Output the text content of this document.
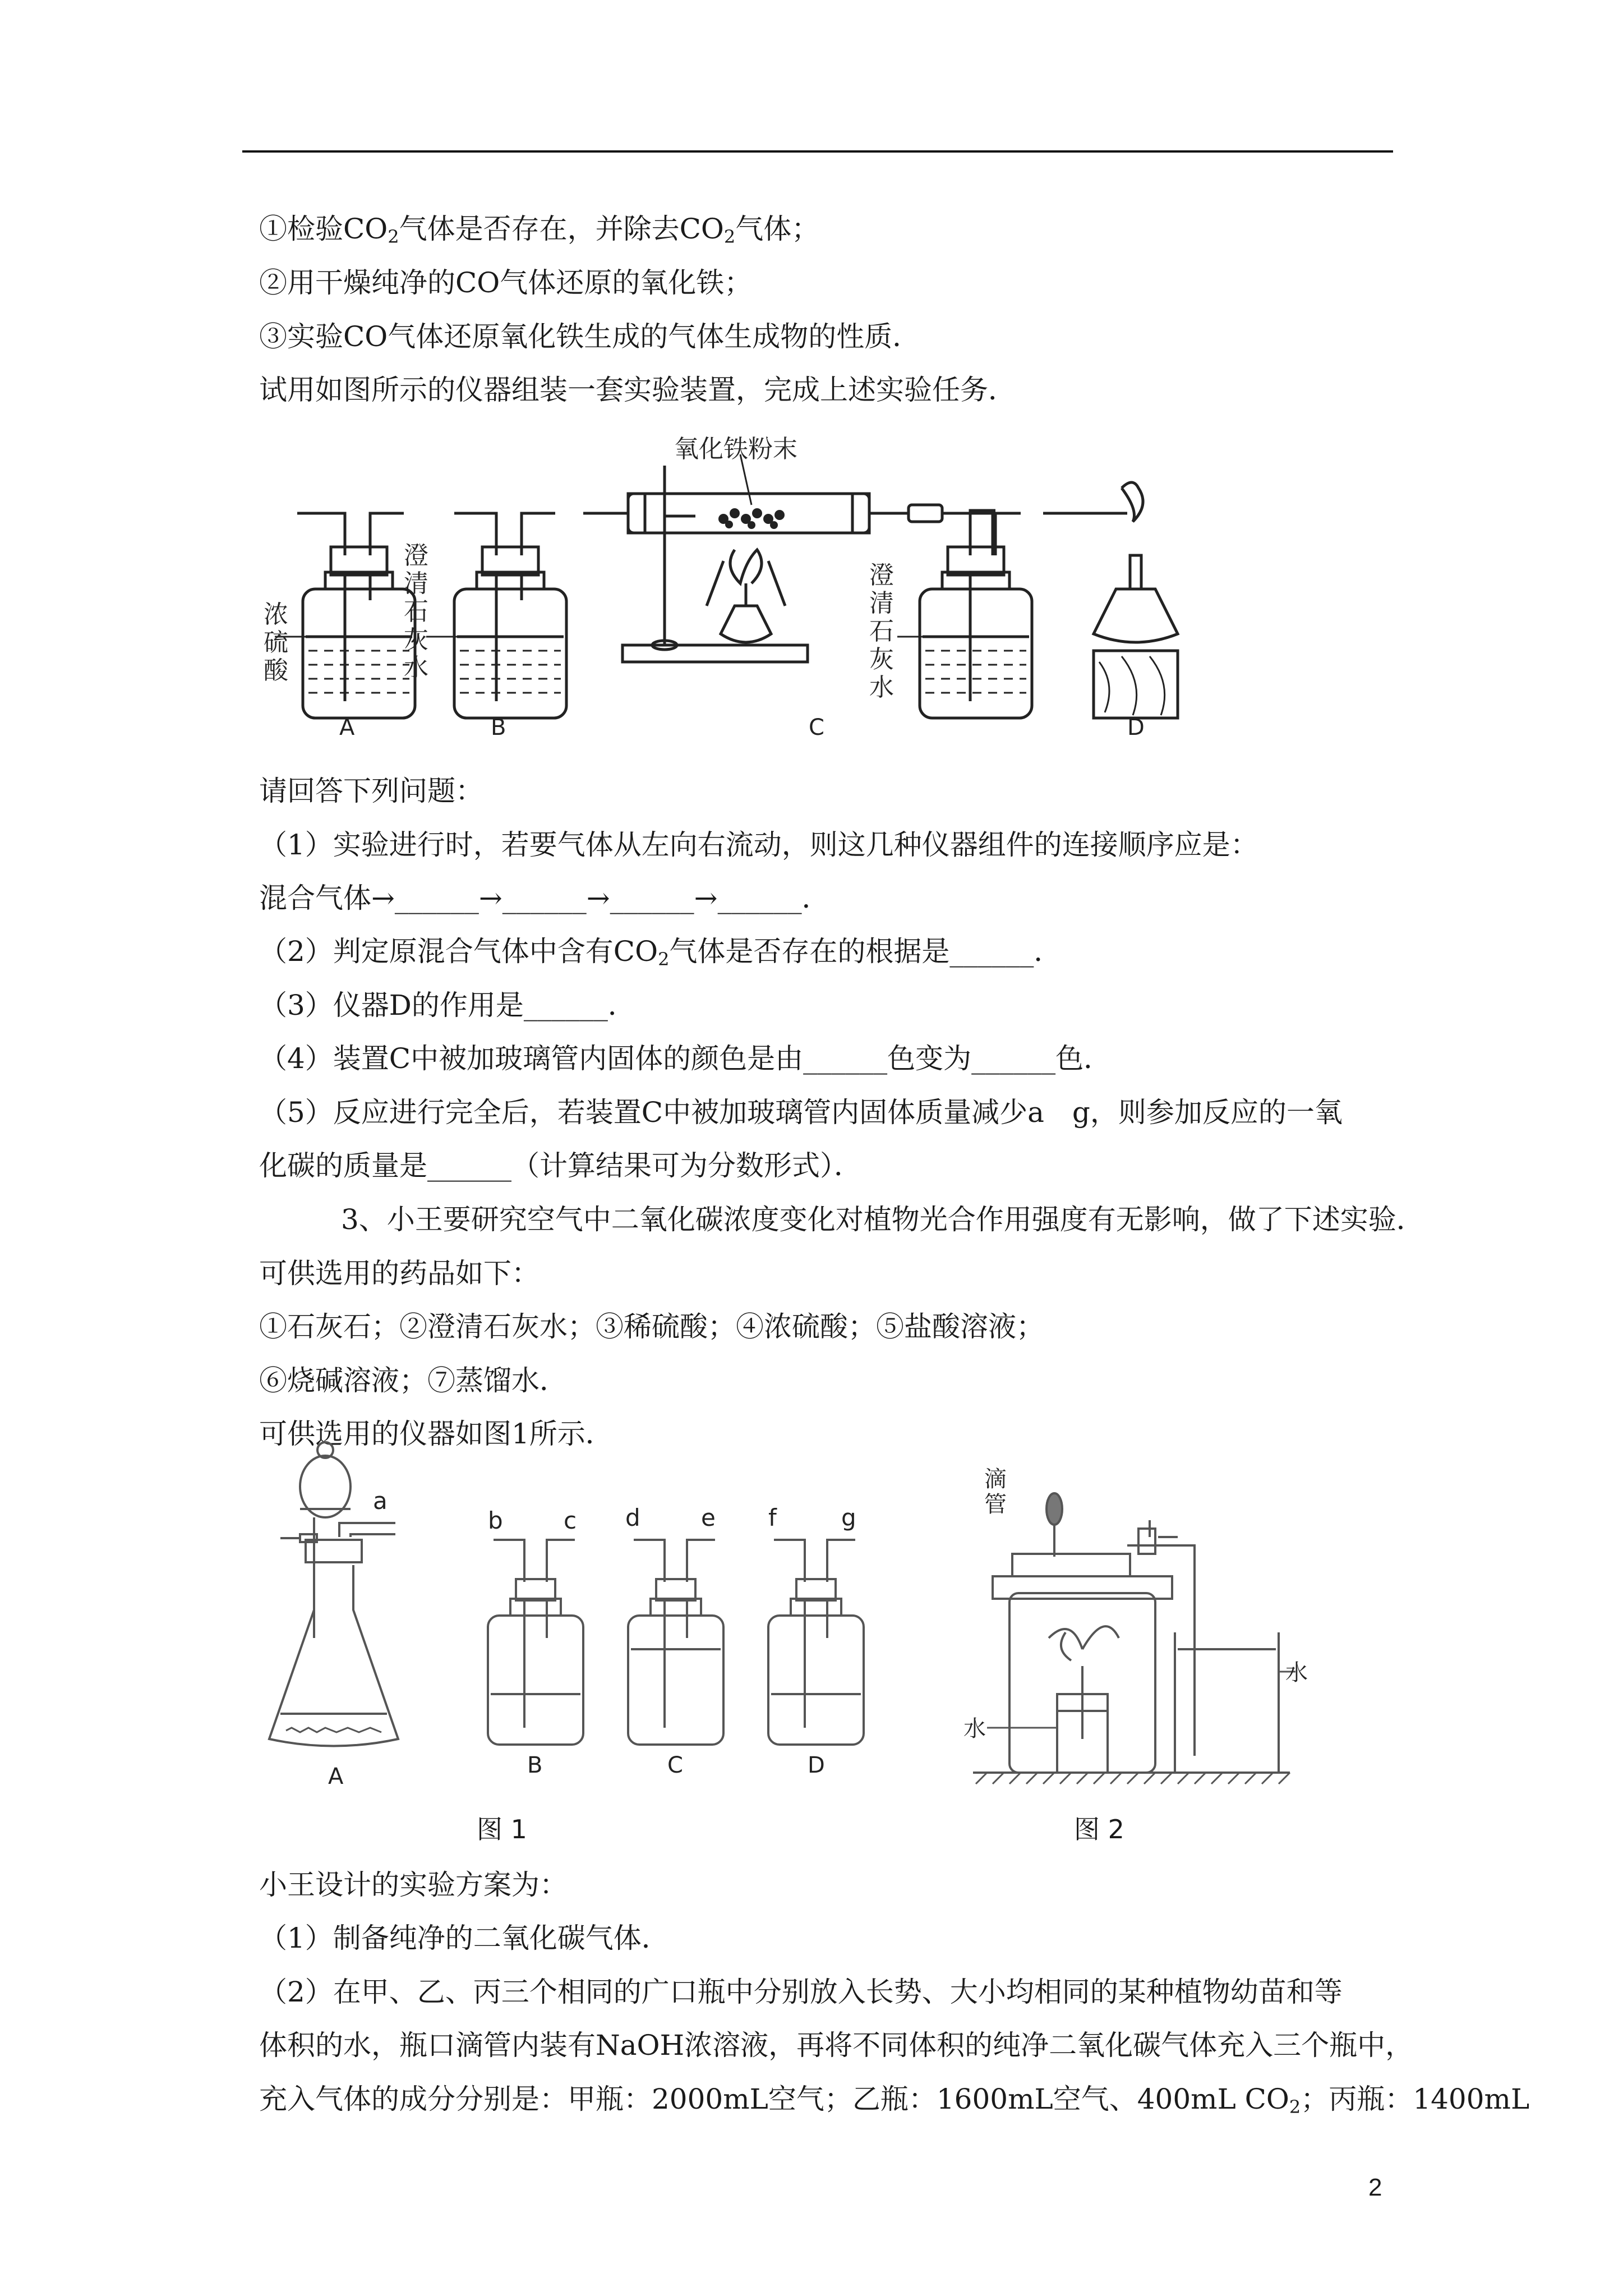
①检验$CO_2$气体是否存在，并除去$CO_2$气体；
②用干燥纯净的CO气体还原的氧化铁；
③实验CO气体还原氧化铁生成的气体生成物的性质．
试用如图所示的仪器组装一套实验装置，完成上述实验任务．
浓
硫
酸
澄
清
石
灰
水
澄
清
石
灰
水
氧化铁粉末
A	B	C	D
请回答下列问题：
（1）实验进行时，若要气体从左向右流动，则这几种仪器组件的连接顺序应是：
混合气体→______→______→______→______．
（2）判定原混合气体中含有$CO_2$气体是否存在的根据是______．
（3）仪器D的作用是______．
（4）装置C中被加玻璃管内固体的颜色是由______色变为______色．
（5）反应进行完全后，若装置C中被加玻璃管内固体质量减少a　g，则参加反应的一氧
化碳的质量是______（计算结果可为分数形式）．
3、小王要研究空气中二氧化碳浓度变化对植物光合作用强度有无影响，做了下述实验．
可供选用的药品如下：
①石灰石；②澄清石灰水；③稀硫酸；④浓硫酸；⑤盐酸溶液；
⑥烧碱溶液；⑦蒸馏水．
可供选用的仪器如图1所示．
a
b	c d	e f	g
A	B	C	D
滴
管
水
水
图 1	图 2
小王设计的实验方案为：
（1）制备纯净的二氧化碳气体．
（2）在甲、乙、丙三个相同的广口瓶中分别放入长势、大小均相同的某种植物幼苗和等
体积的水，瓶口滴管内装有NaOH浓溶液，再将不同体积的纯净二氧化碳气体充入三个瓶中，
充入气体的成分分别是：甲瓶：2000mL空气；乙瓶：1600mL空气、400mL $CO_2$；丙瓶：1400mL
2
